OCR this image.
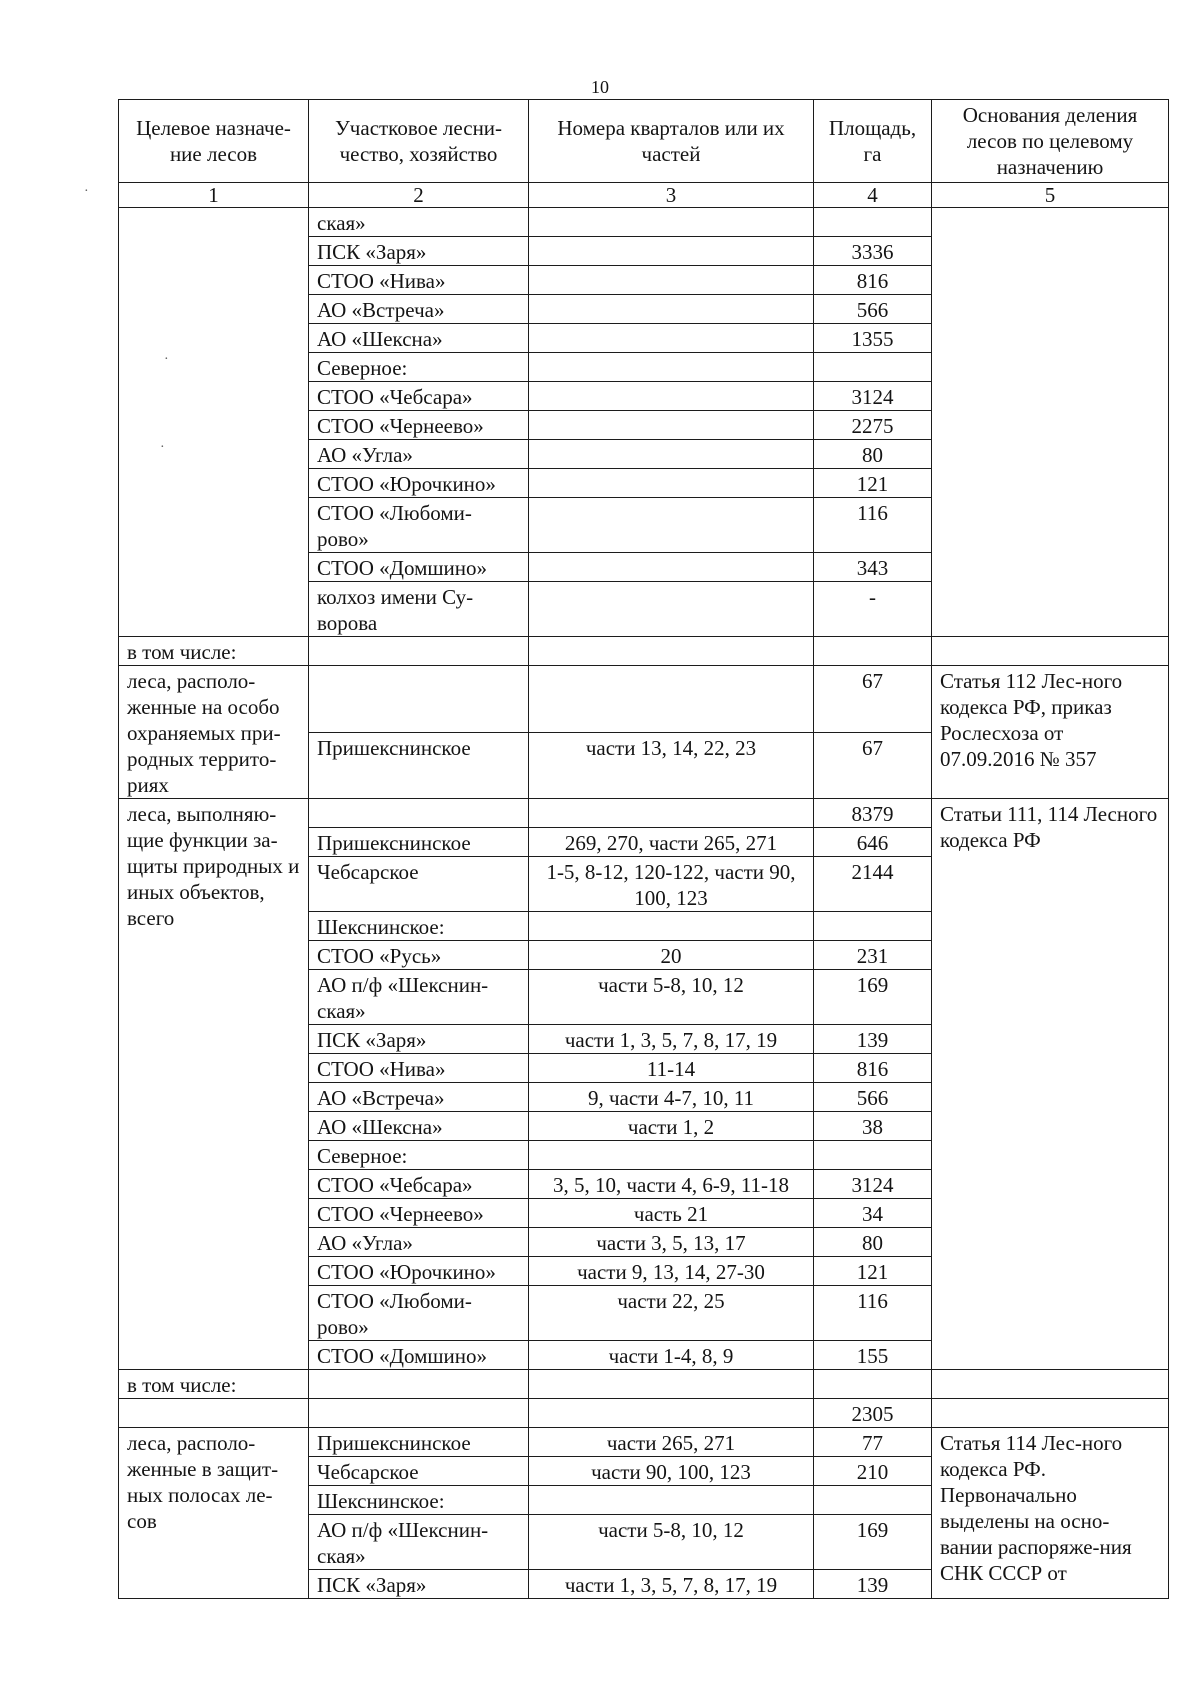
10
·
·
·
Целевое назначе-ние лесов	Участковое лесни-чество, хозяйство	Номера кварталов или их частей	Площадь, га	Основания деления лесов по целевому назначению
1	2	3	4	5
	ская»			
	ПСК «Заря»		3336	
	СТОО «Нива»		816	
	АО «Встреча»		566	
	АО «Шексна»		1355	
	Северное:			
	СТОО «Чебсара»		3124	
	СТОО «Чернеево»		2275	
	АО «Угла»		80	
	СТОО «Юрочкино»		121	
	СТОО «Любоми-рово»		116	
	СТОО «Домшино»		343	
	колхоз имени Су-ворова		-	
в том числе:				
леса, располо-женные на особо охраняемых при-родных террито-риях			67	Статья 112 Лес-ного кодекса РФ, приказ Рослесхоза от 07.09.2016 № 357
	Пришекснинское	части 13, 14, 22, 23	67	
леса, выполняю-щие функции за-щиты природных и иных объектов, всего			8379	Статьи 111, 114 Лесного кодекса РФ
	Пришекснинское	269, 270, части 265, 271	646	
	Чебсарское	1-5, 8-12, 120-122, части 90, 100, 123	2144	
	Шекснинское:			
	СТОО «Русь»	20	231	
	АО п/ф «Шекснин-ская»	части 5-8, 10, 12	169	
	ПСК «Заря»	части 1, 3, 5, 7, 8, 17, 19	139	
	СТОО «Нива»	11-14	816	
	АО «Встреча»	9, части 4-7, 10, 11	566	
	АО «Шексна»	части 1, 2	38	
	Северное:			
	СТОО «Чебсара»	3, 5, 10, части 4, 6-9, 11-18	3124	
	СТОО «Чернеево»	часть 21	34	
	АО «Угла»	части 3, 5, 13, 17	80	
	СТОО «Юрочкино»	части 9, 13, 14, 27-30	121	
	СТОО «Любоми-рово»	части 22, 25	116	
	СТОО «Домшино»	части 1-4, 8, 9	155	
в том числе:				
			2305	
леса, располо-женные в защит-ных полосах ле-сов	Пришекснинское	части 265, 271	77	Статья 114 Лес-ного кодекса РФ. Первоначально выделены на осно-вании распоряже-ния СНК СССР от
	Чебсарское	части 90, 100, 123	210	
	Шекснинское:			
	АО п/ф «Шекснин-ская»	части 5-8, 10, 12	169	
	ПСК «Заря»	части 1, 3, 5, 7, 8, 17, 19	139	
